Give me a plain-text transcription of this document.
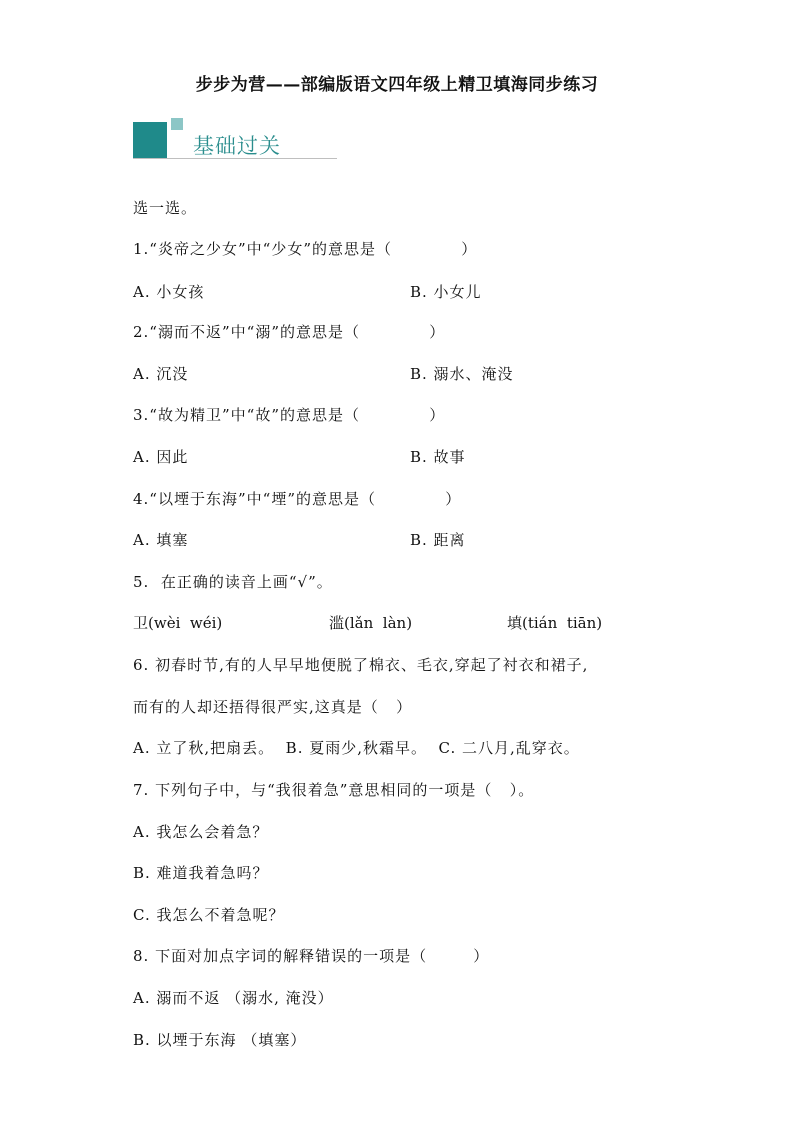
步步为营——部编版语文四年级上精卫填海同步练习
基础过关
选一选。
1.“炎帝之少女”中“少女”的意思是（            ）
A. 小女孩	B. 小女儿
2.“溺而不返”中“溺”的意思是（            ）
A. 沉没	B. 溺水、淹没
3.“故为精卫”中“故”的意思是（            ）
A. 因此	B. 故事
4.“以堙于东海”中“堙”的意思是（            ）
A. 填塞	B. 距离
5.  在正确的读音上画“√”。

卫(wèi  wéi)

	滥(lǎn  làn)

	填(tián  tiān)

6. 初春时节,有的人早早地便脱了棉衣、毛衣,穿起了衬衣和裙子,
而有的人却还捂得很严实,这真是（   ）
A. 立了秋,把扇丢。  B. 夏雨少,秋霜早。  C. 二八月,乱穿衣。
7. 下列句子中，与“我很着急”意思相同的一项是（   ）。
A. 我怎么会着急？
B. 难道我着急吗？
C. 我怎么不着急呢？
8. 下面对加点字词的解释错误的一项是（        ）
A. 溺而不返 （溺水, 淹没）
B. 以堙于东海 （填塞）
